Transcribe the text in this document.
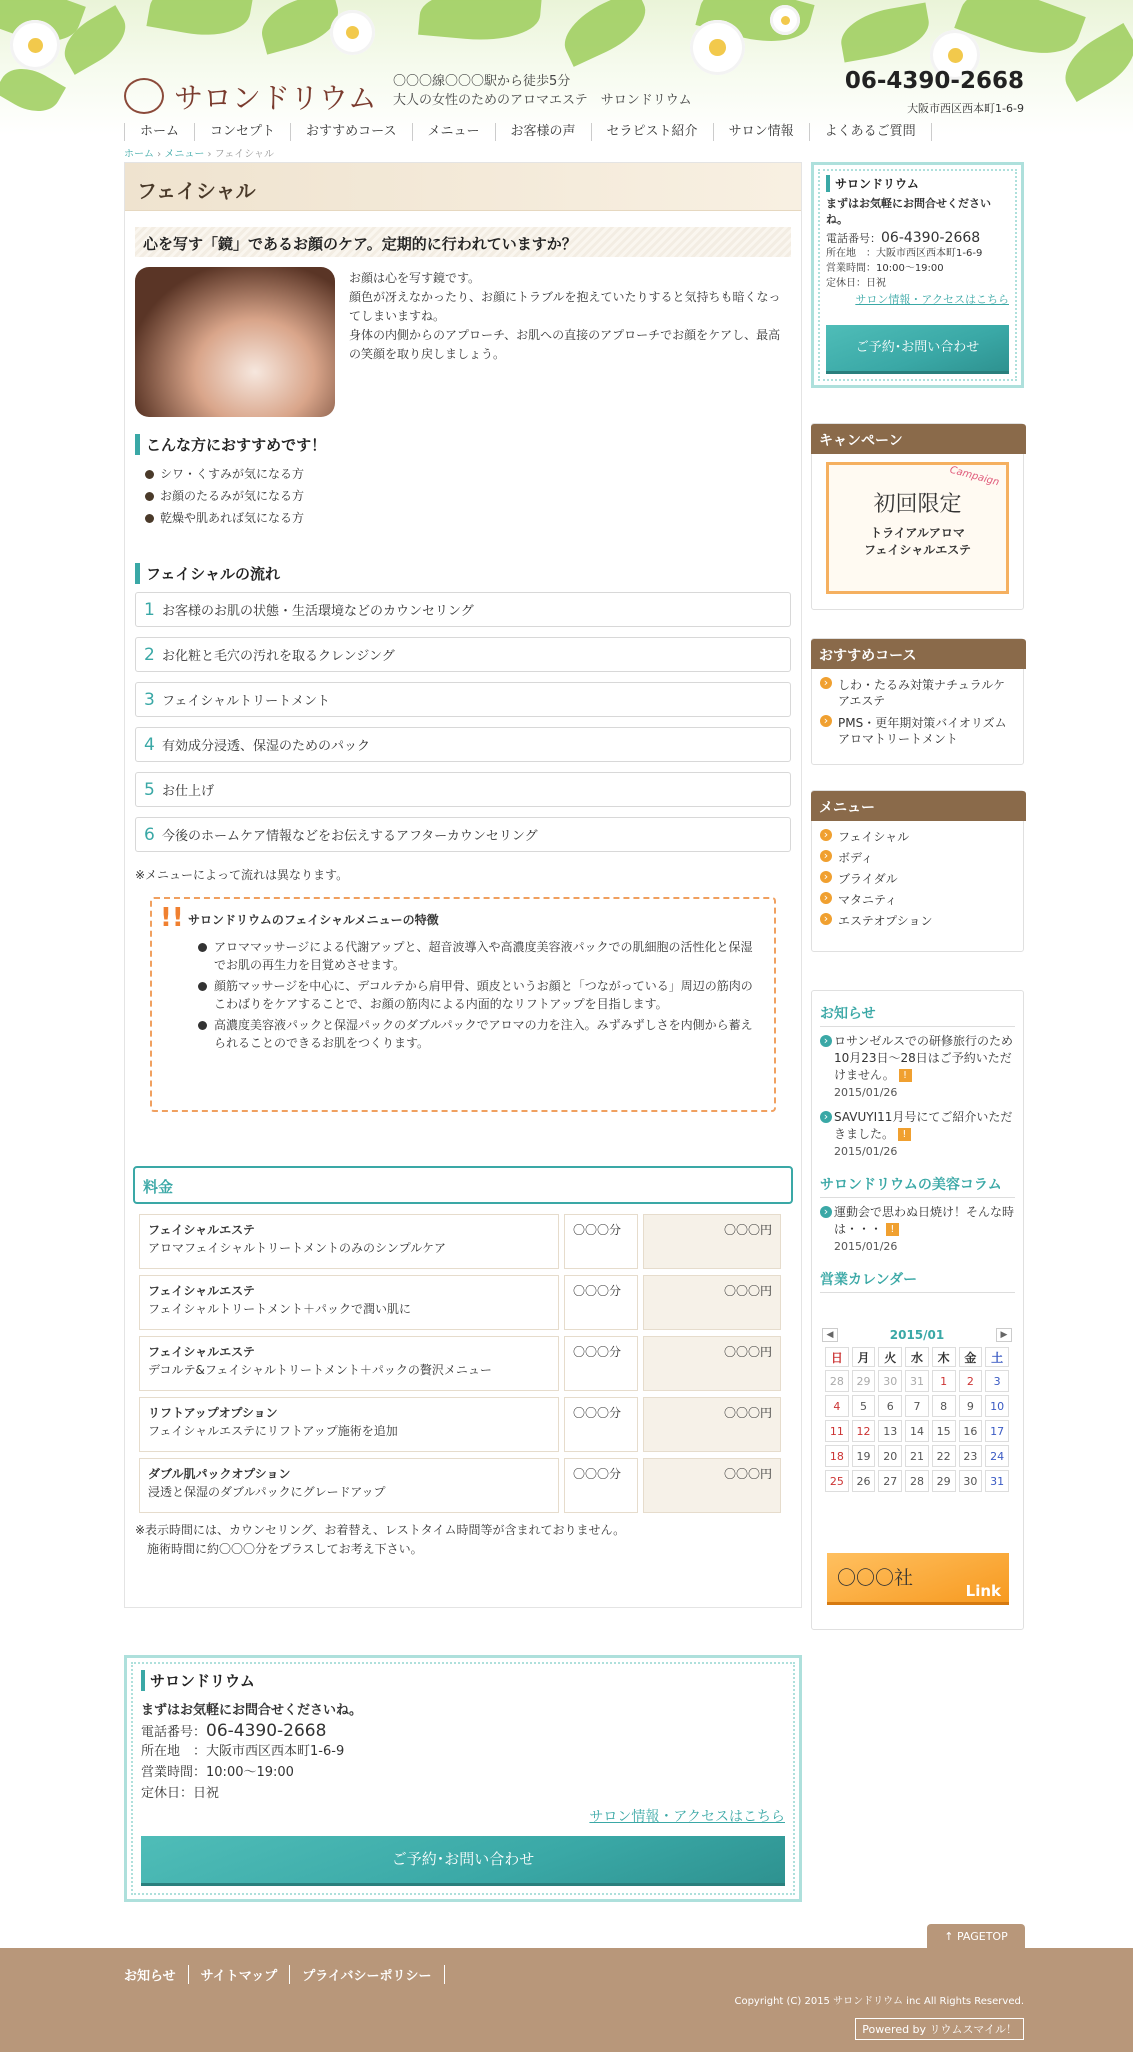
サロンドリウム 〇〇〇線〇〇〇駅から徒歩5分
大人の女性のためのアロマエステ　サロンドリウム
06-4390-2668
大阪市西区西本町1-6-9
ホーム	コンセプト	おすすめコース	メニュー	お客様の声	セラピスト紹介	サロン情報	よくあるご質問
ホーム › メニュー › フェイシャル
フェイシャル
心を写す「鏡」であるお顔のケア。定期的に行われていますか？
お顔は心を写す鏡です。
顔色が冴えなかったり、お顔にトラブルを抱えていたりすると気持ちも暗くなってしまいますね。
身体の内側からのアプローチ、お肌への直接のアプローチでお顔をケアし、最高の笑顔を取り戻しましょう。
こんな方におすすめです！
シワ・くすみが気になる方
お顔のたるみが気になる方
乾燥や肌あれば気になる方
フェイシャルの流れ
1 お客様のお肌の状態・生活環境などのカウンセリング
2 お化粧と毛穴の汚れを取るクレンジング
3 フェイシャルトリートメント
4 有効成分浸透、保湿のためのパック
5 お仕上げ
6 今後のホームケア情報などをお伝えするアフターカウンセリング
※メニューによって流れは異なります。
!! サロンドリウムのフェイシャルメニューの特徴
アロママッサージによる代謝アップと、超音波導入や高濃度美容液パックでの肌細胞の活性化と保湿でお肌の再生力を目覚めさせます。
顔筋マッサージを中心に、デコルテから肩甲骨、頭皮というお顔と「つながっている」周辺の筋肉のこわばりをケアすることで、お顔の筋肉による内面的なリフトアップを目指します。
高濃度美容液パックと保湿パックのダブルパックでアロマの力を注入。みずみずしさを内側から蓄えられることのできるお肌をつくります。
料金
フェイシャルエステ
アロマフェイシャルトリートメントのみのシンプルケア
〇〇〇分	〇〇〇円
フェイシャルエステ
フェイシャルトリートメント＋パックで潤い肌に
〇〇〇分	〇〇〇円
フェイシャルエステ
デコルテ&フェイシャルトリートメント＋パックの贅沢メニュー
〇〇〇分	〇〇〇円
リフトアップオプション
フェイシャルエステにリフトアップ施術を追加
〇〇〇分	〇〇〇円
ダブル肌パックオプション
浸透と保湿のダブルパックにグレードアップ
〇〇〇分	〇〇〇円
※表示時間には、カウンセリング、お着替え、レストタイム時間等が含まれておりません。
　施術時間に約〇〇〇分をプラスしてお考え下さい。
サロンドリウム
まずはお気軽にお問合せくださいね。
電話番号：06-4390-2668
所在地　：大阪市西区西本町1-6-9
営業時間：10:00～19:00
定休日：日祝
サロン情報・アクセスはこちら
ご予約･お問い合わせ
サロンドリウム
まずはお気軽にお問合せくださいね。
電話番号：06-4390-2668
所在地　：大阪市西区西本町1-6-9
営業時間：10:00～19:00
定休日：日祝
サロン情報・アクセスはこちら
ご予約･お問い合わせ
キャンペーン
Campaign
初回限定
トライアルアロマ
フェイシャルエステ
おすすめコース
› しわ・たるみ対策ナチュラルケアエステ
› PMS・更年期対策バイオリズムアロマトリートメント
メニュー
› フェイシャル
› ボディ
› ブライダル
› マタニティ
› エステオプション
お知らせ
› ロサンゼルスでの研修旅行のため10月23日～28日はご予約いただけません。 !
2015/01/26
› SAVUYI11月号にてご紹介いただきました。 !
2015/01/26
サロンドリウムの美容コラム
› 運動会で思わぬ日焼け！そんな時は・・・ !
2015/01/26
営業カレンダー
◀	2015/01	▶
日	月	火	水	木	金	土
28	29	30	31	1	2	3
4	5	6	7	8	9	10
11	12	13	14	15	16	17
18	19	20	21	22	23	24
25	26	27	28	29	30	31
〇〇〇社
Link
↑ PAGETOP
お知らせ	サイトマップ	プライバシーポリシー
Copyright (C) 2015 サロンドリウム inc All Rights Reserved.
Powered by リウムスマイル！
